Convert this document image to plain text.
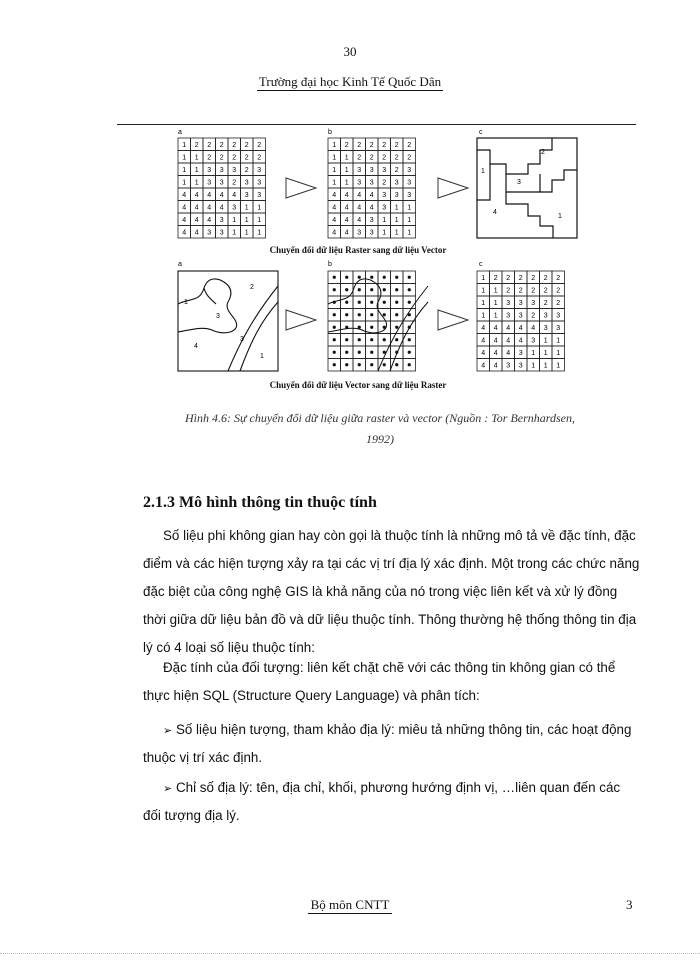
30
Trường đại học Kinh Tế Quốc Dân
a	b	c
1 2 2 2 2 2 2
1 1 2 2 2 2 2
1 1 3 3 3 2 3
1 1 3 3 2 3 3
4 4 4 4 4 3 3
4 4 4 4 3 1 1
4 4 4 3 1 1 1
4 4 3 3 1 1 1
1 2 2 2 2 2 2
1 1 2 2 2 2 2
1 1 3 3 3 2 3
1 1 3 3 2 3 3
4 4 4 4 3 3 3
4 4 4 4 3 1 1
4 4 4 3 1 1 1
4 4 3 3 1 1 1
2
1
3
4
1
a	b	c
1
2
3
4
3
1
1 2 2 2 2 2 2
1 1 2 2 2 2 2
1 1 3 3 3 2 2
1 1 3 3 2 3 3
4 4 4 4 4 3 3
4 4 4 4 3 1 1
4 4 4 3 1 1 1
4 4 3 3 1 1 1
Chuyển đổi dữ liệu Raster sang dữ liệu Vector
Chuyển đổi dữ liệu Vector sang dữ liệu Raster
Hình 4.6: Sự chuyển đổi dữ liệu giữa raster và vector (Nguồn : Tor Bernhardsen,
1992)
2.1.3 Mô hình thông tin thuộc tính
Số liệu phi không gian hay còn gọi là thuộc tính là những mô tả về đặc tính, đặc
điểm và các hiện tượng xảy ra tại các vị trí địa lý xác định. Một trong các chức năng
đặc biệt của công nghệ GIS là khả năng của nó trong việc liên kết và xử lý đồng
thời giữa dữ liệu bản đồ và dữ liệu thuộc tính. Thông thường hệ thống thông tin địa
lý có 4 loại số liệu thuộc tính:
Đặc tính của đối tượng: liên kết chặt chẽ với các thông tin không gian có thể
thực hiện SQL (Structure Query Language) và phân tích:
➢ Số liệu hiện tượng, tham khảo địa lý: miêu tả những thông tin, các hoạt động
thuộc vị trí xác định.
➢ Chỉ số địa lý: tên, địa chỉ, khối, phương hướng định vị, …liên quan đến các
đối tượng địa lý.
Bộ môn CNTT	3
